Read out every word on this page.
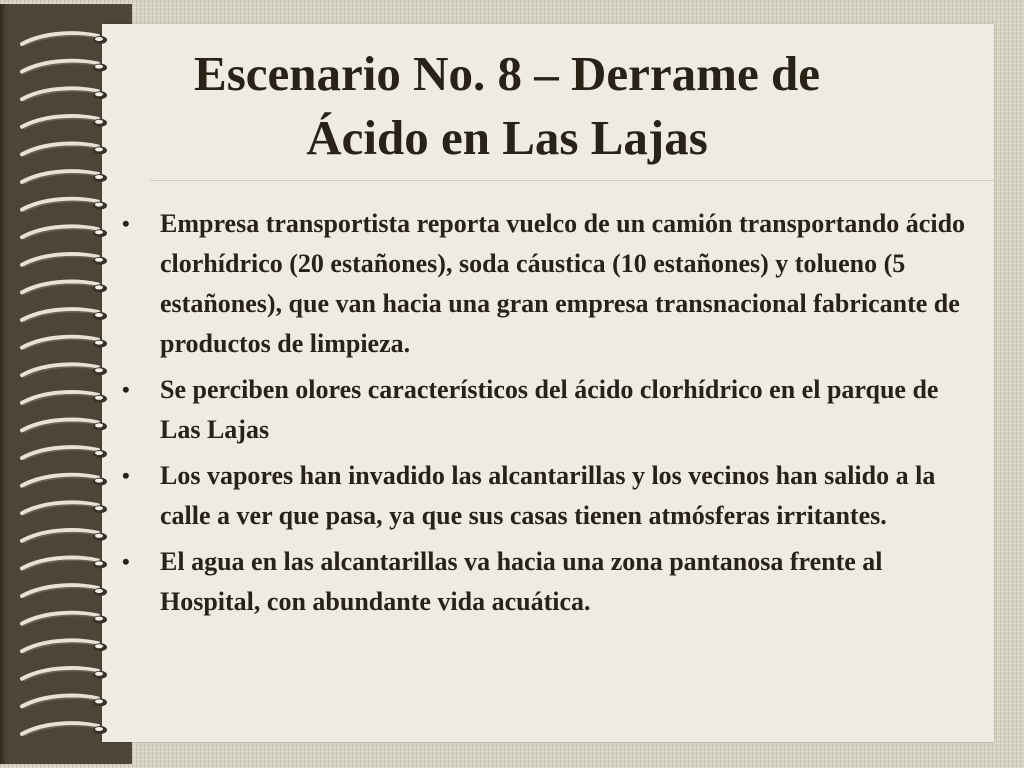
Escenario No. 8 – Derrame de
Ácido en Las Lajas
• Empresa transportista reporta vuelco de un camión transportando ácido clorhídrico (20 estañones), soda cáustica (10 estañones) y tolueno (5 estañones), que van hacia una gran empresa transnacional fabricante de productos de limpieza.
• Se perciben olores característicos del ácido clorhídrico en el parque de Las Lajas
• Los vapores han invadido las alcantarillas y los vecinos han salido a la calle a ver que pasa, ya que sus casas tienen atmósferas irritantes.
• El agua en las alcantarillas va hacia una zona pantanosa frente al Hospital, con abundante vida acuática.
